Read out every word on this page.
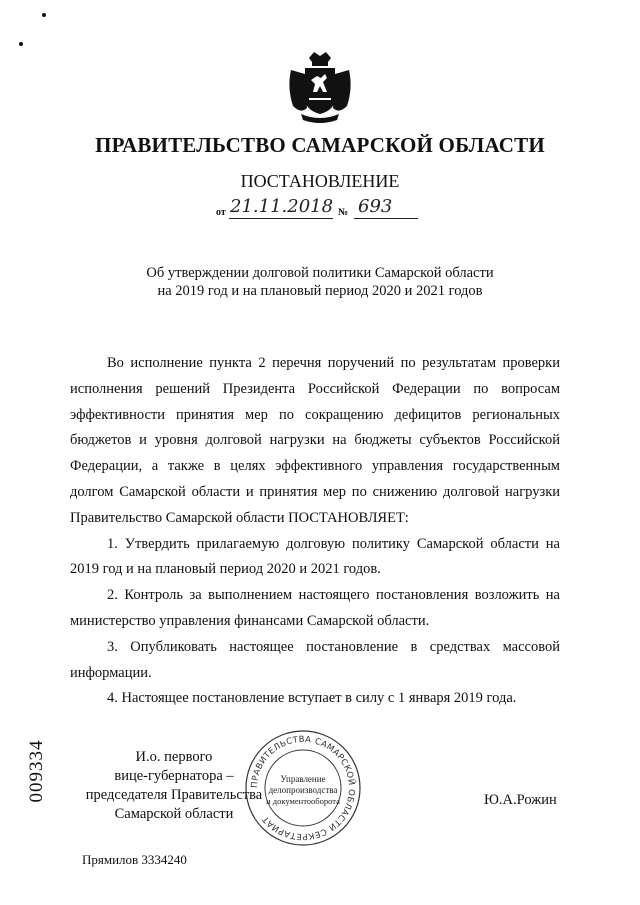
ПРАВИТЕЛЬСТВО САМАРСКОЙ ОБЛАСТИ
ПОСТАНОВЛЕНИЕ
от 21.11.2018 № 693
Об утверждении долговой политики Самарской области
на 2019 год и на плановый период 2020 и 2021 годов

Во исполнение пункта 2 перечня поручений по результатам проверки исполнения решений Президента Российской Федерации по вопросам эффективности принятия мер по сокращению дефицитов региональных бюджетов и уровня долговой нагрузки на бюджеты субъектов Российской Федерации, а также в целях эффективного управления государственным долгом Самарской области и принятия мер по снижению долговой нагрузки Правительство Самарской области ПОСТАНОВЛЯЕТ:

1. Утвердить прилагаемую долговую политику Самарской области на 2019 год и на плановый период 2020 и 2021 годов.

2. Контроль за выполнением настоящего постановления возложить на министерство управления финансами Самарской области.

3. Опубликовать настоящее постановление в средствах массовой информации.

4. Настоящее постановление вступает в силу с 1 января 2019 года.

009334	И.о. первого
вице-губернатора –
председателя Правительства
Самарской области
ПРАВИТЕЛЬСТВА САМАРСКОЙ ОБЛАСТИ СЕКРЕТАРИАТ
Управление
делопроизводства
и документооборота	Ю.А.Рожин
Прямилов 3334240
